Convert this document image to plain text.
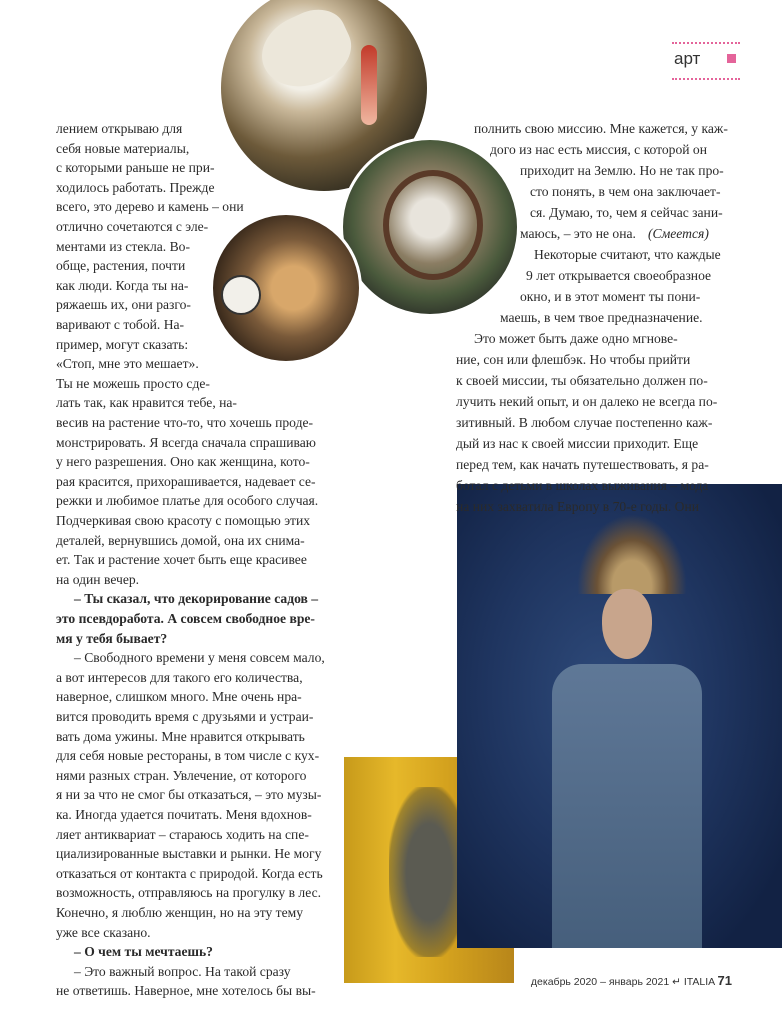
арт
лением открываю для
себя новые материалы,
с которыми раньше не при-
ходилось работать. Прежде
всего, это дерево и камень – они
отлично сочетаются с эле-
ментами из стекла. Во-
обще, растения, почти
как люди. Когда ты на-
ряжаешь их, они разго-
варивают с тобой. На-
пример, могут сказать:
«Стоп, мне это мешает».
Ты не можешь просто сде-
лать так, как нравится тебе, на-
весив на растение что-то, что хочешь проде-
монстрировать. Я всегда сначала спрашиваю
у него разрешения. Оно как женщина, кото-
рая красится, прихорашивается, надевает се-
режки и любимое платье для особого случая.
Подчеркивая свою красоту с помощью этих
деталей, вернувшись домой, она их снима-
ет. Так и растение хочет быть еще красивее
на один вечер.
– Ты сказал, что декорирование садов –
это псевдоработа. А совсем свободное вре-
мя у тебя бывает?
– Свободного времени у меня совсем мало,
а вот интересов для такого его количества,
наверное, слишком много. Мне очень нра-
вится проводить время с друзьями и устраи-
вать дома ужины. Мне нравится открывать
для себя новые рестораны, в том числе с кух-
нями разных стран. Увлечение, от которого
я ни за что не смог бы отказаться, – это музы-
ка. Иногда удается почитать. Меня вдохнов-
ляет антиквариат – стараюсь ходить на спе-
циализированные выставки и рынки. Не могу
отказаться от контакта с природой. Когда есть
возможность, отправляюсь на прогулку в лес.
Конечно, я люблю женщин, но на эту тему
уже все сказано.
– О чем ты мечтаешь?
– Это важный вопрос. На такой сразу
не ответишь. Наверное, мне хотелось бы вы-
полнить свою миссию. Мне кажется, у каж-
дого из нас есть миссия, с которой он
приходит на Землю. Но не так про-
сто понять, в чем она заключает-
ся. Думаю, то, чем я сейчас зани-
маюсь, – это не она. (Смеется)
Некоторые считают, что каждые
9 лет открывается своеобразное
окно, и в этот момент ты пони-
маешь, в чем твое предназначение.
Это может быть даже одно мгнове-
ние, сон или флешбэк. Но чтобы прийти
к своей миссии, ты обязательно должен по-
лучить некий опыт, и он далеко не всегда по-
зитивный. В любом случае постепенно каж-
дый из нас к своей миссии приходит. Еще
перед тем, как начать путешествовать, я ра-
ботал с детьми в школах выживания – мода
на них захватила Европу в 70-е годы. Они
декабрь 2020 – январь 2021 ↵ ITALIA 71
